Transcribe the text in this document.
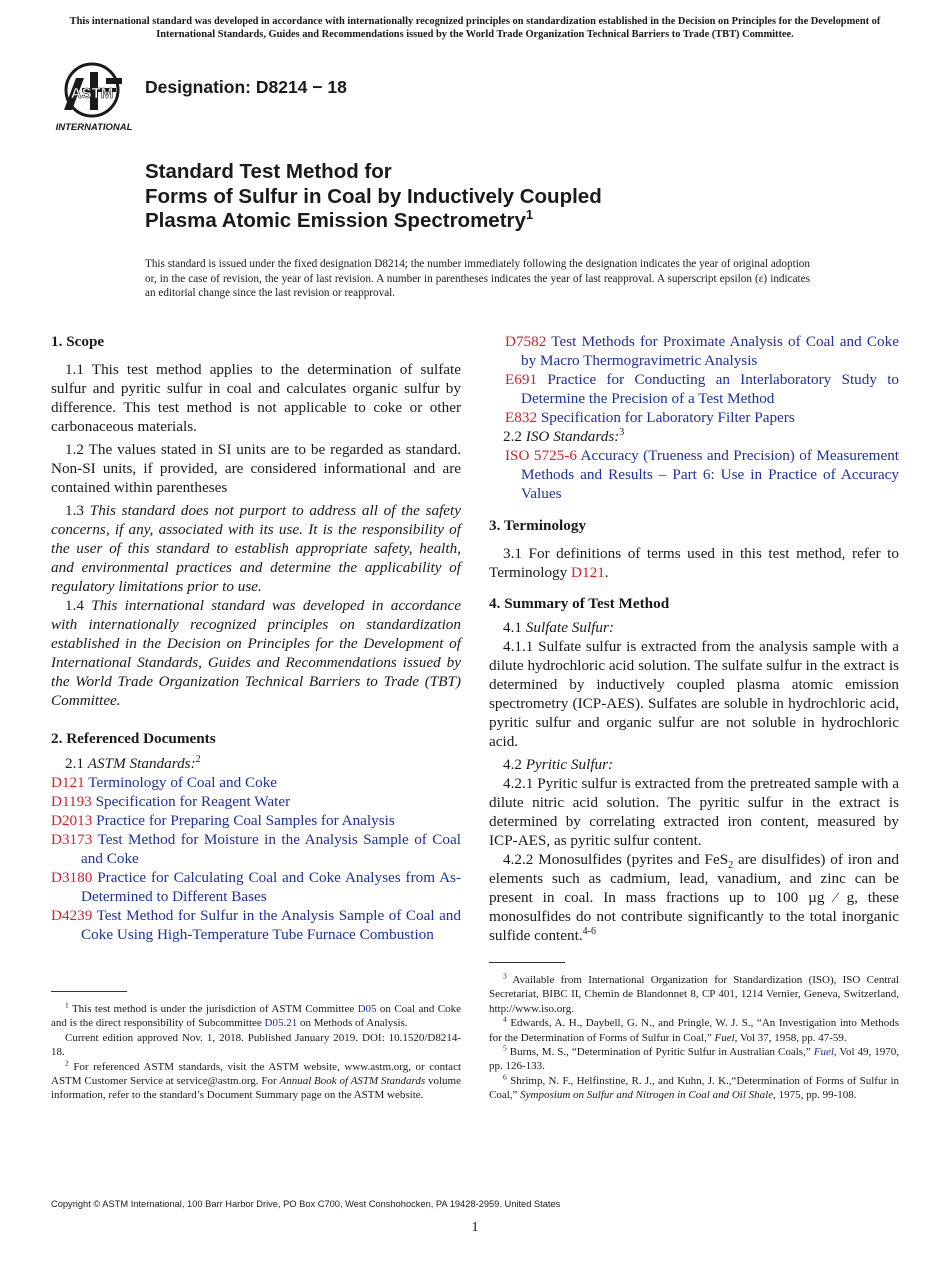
This international standard was developed in accordance with internationally recognized principles on standardization established in the Decision on Principles for the Development of International Standards, Guides and Recommendations issued by the World Trade Organization Technical Barriers to Trade (TBT) Committee.
ASTM
INTERNATIONAL
Designation: D8214 − 18
Standard Test Method for
Forms of Sulfur in Coal by Inductively Coupled
Plasma Atomic Emission Spectrometry$^1$
This standard is issued under the fixed designation D8214; the number immediately following the designation indicates the year of original adoption or, in the case of revision, the year of last revision. A number in parentheses indicates the year of last reapproval. A superscript epsilon (ε) indicates an editorial change since the last revision or reapproval.

1. Scope

1.1 This test method applies to the determination of sulfate sulfur and pyritic sulfur in coal and calculates organic sulfur by difference. This test method is not applicable to coke or other carbonaceous materials.

1.2 The values stated in SI units are to be regarded as standard. Non-SI units, if provided, are considered informational and are contained within parentheses

1.3 This standard does not purport to address all of the safety concerns, if any, associated with its use. It is the responsibility of the user of this standard to establish appropriate safety, health, and environmental practices and determine the applicability of regulatory limitations prior to use.

1.4 This international standard was developed in accordance with internationally recognized principles on standardization established in the Decision on Principles for the Development of International Standards, Guides and Recommendations issued by the World Trade Organization Technical Barriers to Trade (TBT) Committee.

2. Referenced Documents

2.1 ASTM Standards:$^2$

D121 Terminology of Coal and Coke

D1193 Specification for Reagent Water

D2013 Practice for Preparing Coal Samples for Analysis

D3173 Test Method for Moisture in the Analysis Sample of Coal and Coke

D3180 Practice for Calculating Coal and Coke Analyses from As-Determined to Different Bases

D4239 Test Method for Sulfur in the Analysis Sample of Coal and Coke Using High-Temperature Tube Furnace Combustion

$^1$ This test method is under the jurisdiction of ASTM Committee D05 on Coal and Coke and is the direct responsibility of Subcommittee D05.21 on Methods of Analysis.

Current edition approved Nov. 1, 2018. Published January 2019. DOI: 10.1520/D8214-18.

$^2$ For referenced ASTM standards, visit the ASTM website, www.astm.org, or contact ASTM Customer Service at service@astm.org. For Annual Book of ASTM Standards volume information, refer to the standard’s Document Summary page on the ASTM website.

D7582 Test Methods for Proximate Analysis of Coal and Coke by Macro Thermogravimetric Analysis

E691 Practice for Conducting an Interlaboratory Study to Determine the Precision of a Test Method

E832 Specification for Laboratory Filter Papers

2.2 ISO Standards:$^3$

ISO 5725-6 Accuracy (Trueness and Precision) of Measurement Methods and Results – Part 6: Use in Practice of Accuracy Values

3. Terminology

3.1 For definitions of terms used in this test method, refer to Terminology D121.

4. Summary of Test Method

4.1 Sulfate Sulfur:

4.1.1 Sulfate sulfur is extracted from the analysis sample with a dilute hydrochloric acid solution. The sulfate sulfur in the extract is determined by inductively coupled plasma atomic emission spectrometry (ICP-AES). Sulfates are soluble in hydrochloric acid, pyritic sulfur and organic sulfur are not soluble in hydrochloric acid.

4.2 Pyritic Sulfur:

4.2.1 Pyritic sulfur is extracted from the pretreated sample with a dilute nitric acid solution. The pyritic sulfur in the extract is determined by correlating extracted iron content, measured by ICP-AES, as pyritic sulfur content.

4.2.2 Monosulfides (pyrites and FeS$_2$ are disulfides) of iron and elements such as cadmium, lead, vanadium, and zinc can be present in coal. In mass fractions up to 100 µg ⁄ g, these monosulfides do not contribute significantly to the total inorganic sulfide content.$^{4-6}$

$^3$ Available from International Organization for Standardization (ISO), ISO Central Secretariat, BIBC II, Chemin de Blandonnet 8, CP 401, 1214 Vernier, Geneva, Switzerland, http://www.iso.org.

$^4$ Edwards, A. H., Daybell, G. N., and Pringle, W. J. S., “An Investigation into Methods for the Determination of Forms of Sulfur in Coal,” Fuel, Vol 37, 1958, pp. 47-59.

$^5$ Burns, M. S., “Determination of Pyritic Sulfur in Australian Coals,” Fuel, Vol 49, 1970, pp. 126-133.

$^6$ Shrimp, N. F., Helfinstine, R. J., and Kuhn, J. K.,“Determination of Forms of Sulfur in Coal,” Symposium on Sulfur and Nitrogen in Coal and Oil Shale, 1975, pp. 99-108.

Copyright © ASTM International, 100 Barr Harbor Drive, PO Box C700, West Conshohocken, PA 19428-2959. United States
1
